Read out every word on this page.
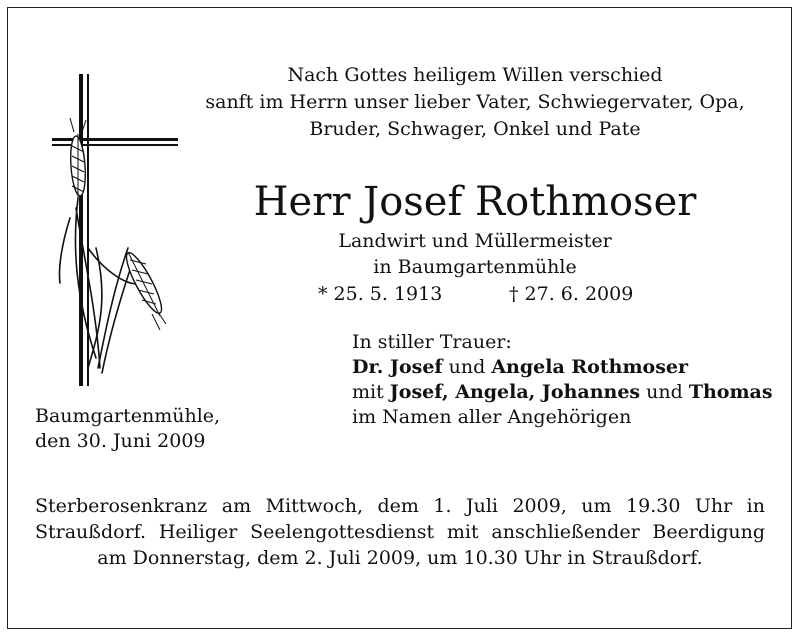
Nach Gottes heiligem Willen verschied
sanft im Herrn unser lieber Vater, Schwiegervater, Opa,
Bruder, Schwager, Onkel und Pate
Herr Josef Rothmoser
Landwirt und Müllermeister
in Baumgartenmühle
* 25. 5. 1913	† 27. 6. 2009
In stiller Trauer:
Dr. Josef und Angela Rothmoser
mit Josef, Angela, Johannes und Thomas
im Namen aller Angehörigen
Baumgartenmühle,
den 30. Juni 2009
Sterberosenkranz am Mittwoch, dem 1. Juli 2009, um 19.30 Uhr in
Straußdorf. Heiliger Seelengottesdienst mit anschließender Beerdigung
am Donnerstag, dem 2. Juli 2009, um 10.30 Uhr in Straußdorf.
